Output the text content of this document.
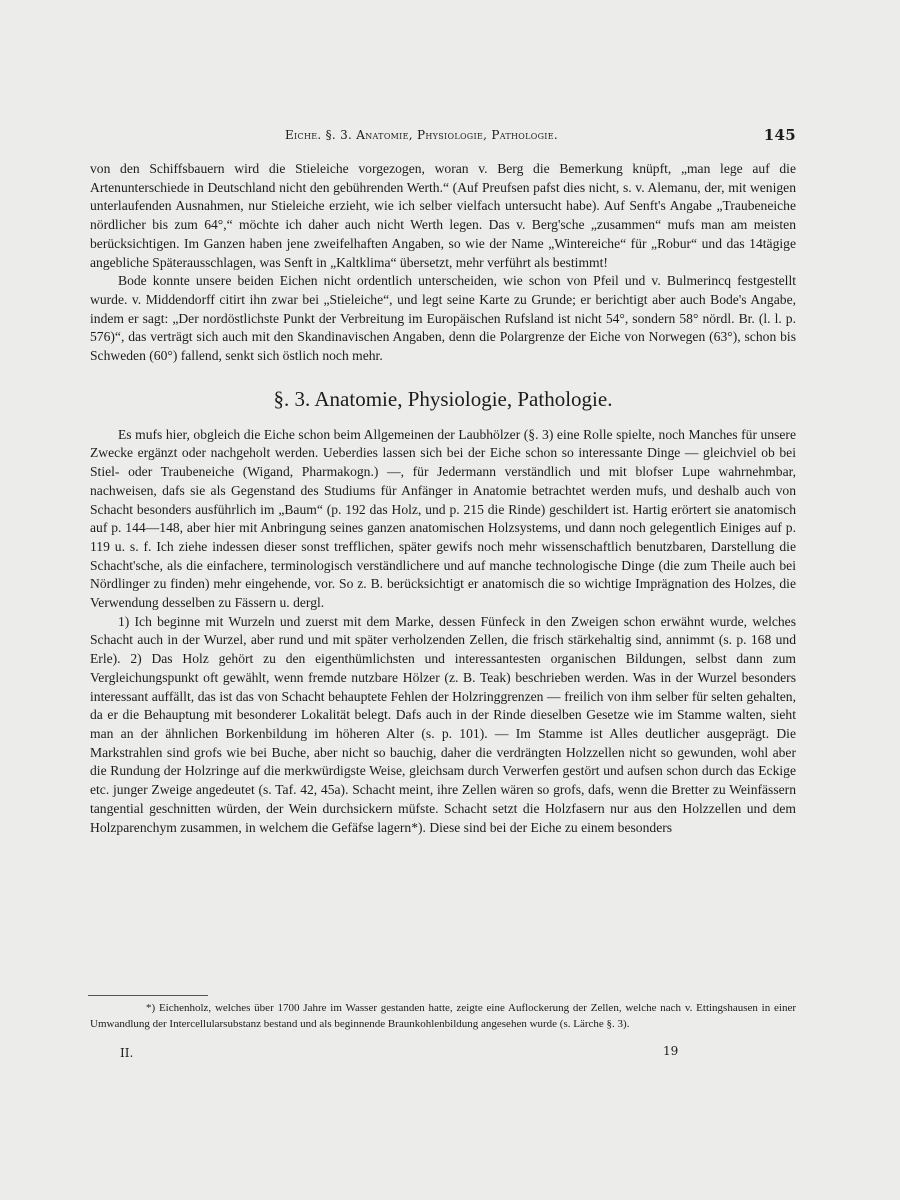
Eiche. §. 3. Anatomie, Physiologie, Pathologie.	145

von den Schiffsbauern wird die Stieleiche vorgezogen, woran v. Berg die Bemerkung knüpft, „man lege auf die Artenunterschiede in Deutschland nicht den gebührenden Werth.“ (Auf Preufsen pafst dies nicht, s. v. Alemanu, der, mit wenigen unterlaufenden Ausnahmen, nur Stieleiche erzieht, wie ich selber vielfach untersucht habe). Auf Senft's Angabe „Traubeneiche nördlicher bis zum 64°,“ möchte ich daher auch nicht Werth legen. Das v. Berg'sche „zusammen“ mufs man am meisten berücksichtigen. Im Ganzen haben jene zweifelhaften Angaben, so wie der Name „Wintereiche“ für „Robur“ und das 14tägige angebliche Späterausschlagen, was Senft in „Kaltklima“ übersetzt, mehr verführt als bestimmt!

Bode konnte unsere beiden Eichen nicht ordentlich unterscheiden, wie schon von Pfeil und v. Bulmerincq festgestellt wurde. v. Middendorff citirt ihn zwar bei „Stieleiche“, und legt seine Karte zu Grunde; er berichtigt aber auch Bode's Angabe, indem er sagt: „Der nordöstlichste Punkt der Verbreitung im Europäischen Rufsland ist nicht 54°, sondern 58° nördl. Br. (l. l. p. 576)“, das verträgt sich auch mit den Skandinavischen Angaben, denn die Polargrenze der Eiche von Norwegen (63°), schon bis Schweden (60°) fallend, senkt sich östlich noch mehr.

§. 3. Anatomie, Physiologie, Pathologie.

Es mufs hier, obgleich die Eiche schon beim Allgemeinen der Laubhölzer (§. 3) eine Rolle spielte, noch Manches für unsere Zwecke ergänzt oder nachgeholt werden. Ueberdies lassen sich bei der Eiche schon so interessante Dinge — gleichviel ob bei Stiel- oder Traubeneiche (Wigand, Pharmakogn.) —, für Jedermann verständlich und mit blofser Lupe wahrnehmbar, nachweisen, dafs sie als Gegenstand des Studiums für Anfänger in Anatomie betrachtet werden mufs, und deshalb auch von Schacht besonders ausführlich im „Baum“ (p. 192 das Holz, und p. 215 die Rinde) geschildert ist. Hartig erörtert sie anatomisch auf p. 144—148, aber hier mit Anbringung seines ganzen anatomischen Holzsystems, und dann noch gelegentlich Einiges auf p. 119 u. s. f. Ich ziehe indessen dieser sonst trefflichen, später gewifs noch mehr wissenschaftlich benutzbaren, Darstellung die Schacht'sche, als die einfachere, terminologisch verständlichere und auf manche technologische Dinge (die zum Theile auch bei Nördlinger zu finden) mehr eingehende, vor. So z. B. berücksichtigt er anatomisch die so wichtige Imprägnation des Holzes, die Verwendung desselben zu Fässern u. dergl.

1) Ich beginne mit Wurzeln und zuerst mit dem Marke, dessen Fünfeck in den Zweigen schon erwähnt wurde, welches Schacht auch in der Wurzel, aber rund und mit später verholzenden Zellen, die frisch stärkehaltig sind, annimmt (s. p. 168 und Erle). 2) Das Holz gehört zu den eigenthümlichsten und interessantesten organischen Bildungen, selbst dann zum Vergleichungspunkt oft gewählt, wenn fremde nutzbare Hölzer (z. B. Teak) beschrieben werden. Was in der Wurzel besonders interessant auffällt, das ist das von Schacht behauptete Fehlen der Holzringgrenzen — freilich von ihm selber für selten gehalten, da er die Behauptung mit besonderer Lokalität belegt. Dafs auch in der Rinde dieselben Gesetze wie im Stamme walten, sieht man an der ähnlichen Borkenbildung im höheren Alter (s. p. 101). — Im Stamme ist Alles deutlicher ausgeprägt. Die Markstrahlen sind grofs wie bei Buche, aber nicht so bauchig, daher die verdrängten Holzzellen nicht so gewunden, wohl aber die Rundung der Holzringe auf die merkwürdigste Weise, gleichsam durch Verwerfen gestört und aufsen schon durch das Eckige etc. junger Zweige angedeutet (s. Taf. 42, 45a). Schacht meint, ihre Zellen wären so grofs, dafs, wenn die Bretter zu Weinfässern tangential geschnitten würden, der Wein durchsickern müfste. Schacht setzt die Holzfasern nur aus den Holzzellen und dem Holzparenchym zusammen, in welchem die Gefäfse lagern*). Diese sind bei der Eiche zu einem besonders

*) Eichenholz, welches über 1700 Jahre im Wasser gestanden hatte, zeigte eine Auflockerung der Zellen, welche nach v. Ettingshausen in einer Umwandlung der Intercellularsubstanz bestand und als beginnende Braunkohlenbildung angesehen wurde (s. Lärche §. 3).

II.	19
